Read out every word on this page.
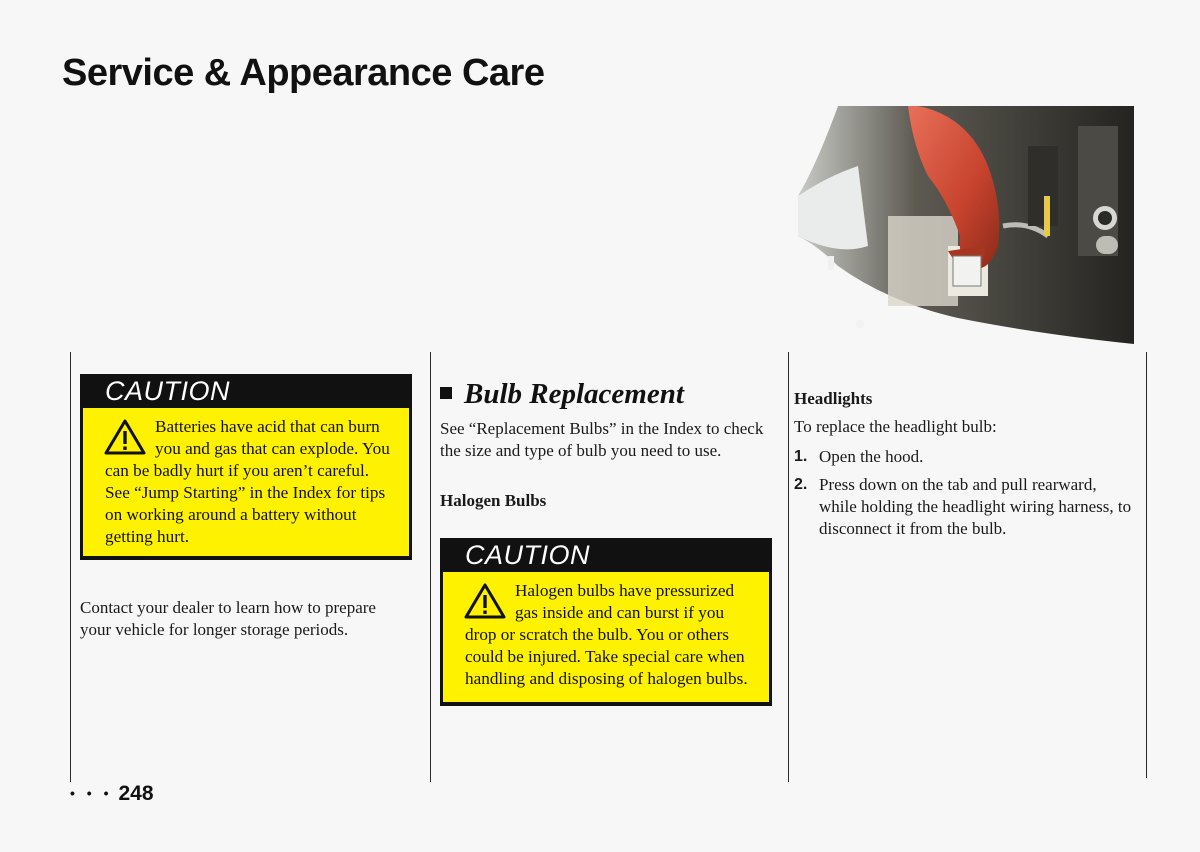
Service & Appearance Care
CAUTION
Batteries have acid that can burn you and gas that can explode. You can be badly hurt if you aren’t careful. See “Jump Starting” in the Index for tips on working around a battery without getting hurt.

Contact your dealer to learn how to prepare your vehicle for longer storage periods.

• • • 248
Bulb Replacement

See “Replacement Bulbs” in the Index to check the size and type of bulb you need to use.

Halogen Bulbs
CAUTION
Halogen bulbs have pressurized gas inside and can burst if you drop or scratch the bulb. You or others could be injured. Take special care when handling and disposing of halogen bulbs.
Headlights

To replace the headlight bulb:

1. Open the hood.
2. Press down on the tab and pull rearward, while holding the headlight wiring harness, to disconnect it from the bulb.
